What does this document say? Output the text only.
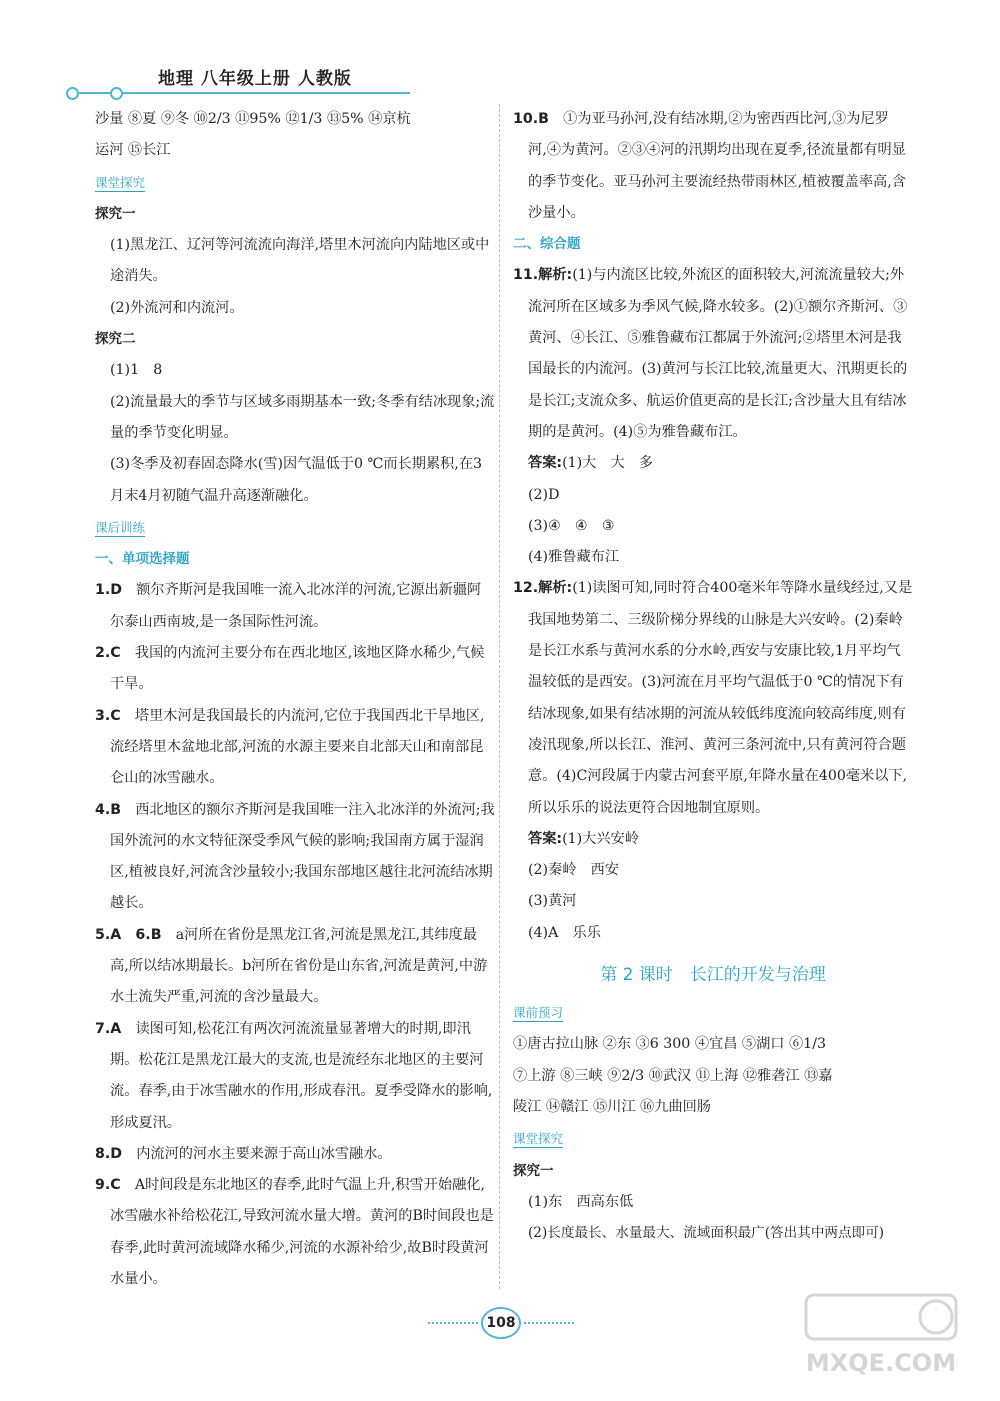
地理 八年级上册 人教版

沙量 ⑧夏 ⑨冬 ⑩2/3 ⑪95% ⑫1/3 ⑬5% ⑭京杭

运河 ⑮长江

课堂探究

探究一

(1)黑龙江、辽河等河流流向海洋,塔里木河流向内陆地区或中途消失。

(2)外流河和内流河。

探究二

(1)1　8

(2)流量最大的季节与区域多雨期基本一致;冬季有结冰现象;流量的季节变化明显。

(3)冬季及初春固态降水(雪)因气温低于0 ℃而长期累积,在3月末4月初随气温升高逐渐融化。

课后训练

一、单项选择题

1.D　额尔齐斯河是我国唯一流入北冰洋的河流,它源出新疆阿尔泰山西南坡,是一条国际性河流。

2.C　我国的内流河主要分布在西北地区,该地区降水稀少,气候干旱。

3.C　塔里木河是我国最长的内流河,它位于我国西北干旱地区,流经塔里木盆地北部,河流的水源主要来自北部天山和南部昆仑山的冰雪融水。

4.B　西北地区的额尔齐斯河是我国唯一注入北冰洋的外流河;我国外流河的水文特征深受季风气候的影响;我国南方属于湿润区,植被良好,河流含沙量较小;我国东部地区越往北河流结冰期越长。

5.A　6.B　a河所在省份是黑龙江省,河流是黑龙江,其纬度最高,所以结冰期最长。b河所在省份是山东省,河流是黄河,中游水土流失严重,河流的含沙量最大。

7.A　读图可知,松花江有两次河流流量显著增大的时期,即汛期。松花江是黑龙江最大的支流,也是流经东北地区的主要河流。春季,由于冰雪融水的作用,形成春汛。夏季受降水的影响,形成夏汛。

8.D　内流河的河水主要来源于高山冰雪融水。

9.C　A时间段是东北地区的春季,此时气温上升,积雪开始融化,冰雪融水补给松花江,导致河流水量大增。黄河的B时间段也是春季,此时黄河流域降水稀少,河流的水源补给少,故B时段黄河水量小。

10.B　①为亚马孙河,没有结冰期,②为密西西比河,③为尼罗河,④为黄河。②③④河的汛期均出现在夏季,径流量都有明显的季节变化。亚马孙河主要流经热带雨林区,植被覆盖率高,含沙量小。

二、综合题

11.解析:(1)与内流区比较,外流区的面积较大,河流流量较大;外流河所在区域多为季风气候,降水较多。(2)①额尔齐斯河、③黄河、④长江、⑤雅鲁藏布江都属于外流河;②塔里木河是我国最长的内流河。(3)黄河与长江比较,流量更大、汛期更长的是长江;支流众多、航运价值更高的是长江;含沙量大且有结冰期的是黄河。(4)⑤为雅鲁藏布江。

答案:(1)大　大　多

(2)D

(3)④　④　③

(4)雅鲁藏布江

12.解析:(1)读图可知,同时符合400毫米年等降水量线经过,又是我国地势第二、三级阶梯分界线的山脉是大兴安岭。(2)秦岭是长江水系与黄河水系的分水岭,西安与安康比较,1月平均气温较低的是西安。(3)河流在月平均气温低于0 ℃的情况下有结冰现象,如果有结冰期的河流从较低纬度流向较高纬度,则有凌汛现象,所以长江、淮河、黄河三条河流中,只有黄河符合题意。(4)C河段属于内蒙古河套平原,年降水量在400毫米以下,所以乐乐的说法更符合因地制宜原则。

答案:(1)大兴安岭

(2)秦岭　西安

(3)黄河

(4)A　乐乐

第 2 课时　长江的开发与治理

课前预习

①唐古拉山脉 ②东 ③6 300 ④宜昌 ⑤湖口 ⑥1/3

⑦上游 ⑧三峡 ⑨2/3 ⑩武汉 ⑪上海 ⑫雅砻江 ⑬嘉

陵江 ⑭赣江 ⑮川江 ⑯九曲回肠

课堂探究

探究一

(1)东　西高东低

(2)长度最长、水量最大、流域面积最广(答出其中两点即可)

108
MXQE.COM
